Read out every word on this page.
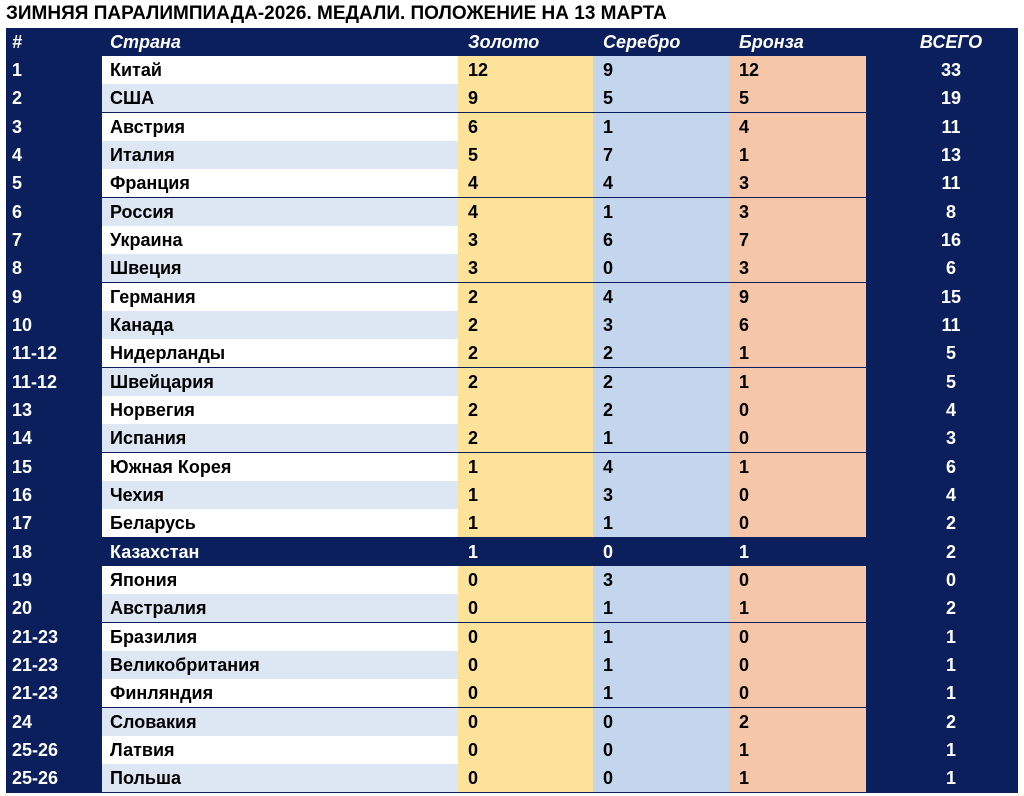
ЗИМНЯЯ ПАРАЛИМПИАДА-2026. МЕДАЛИ. ПОЛОЖЕНИЕ НА 13 МАРТА
#	Страна	Золото	Серебро	Бронза	ВСЕГО
1	Китай	12	9	12	33
2	США	9	5	5	19
3	Австрия	6	1	4	11
4	Италия	5	7	1	13
5	Франция	4	4	3	11
6	Россия	4	1	3	8
7	Украина	3	6	7	16
8	Швеция	3	0	3	6
9	Германия	2	4	9	15
10	Канада	2	3	6	11
11-12	Нидерланды	2	2	1	5
11-12	Швейцария	2	2	1	5
13	Норвегия	2	2	0	4
14	Испания	2	1	0	3
15	Южная Корея	1	4	1	6
16	Чехия	1	3	0	4
17	Беларусь	1	1	0	2
18	Казахстан	1	0	1	2
19	Япония	0	3	0	0
20	Австралия	0	1	1	2
21-23	Бразилия	0	1	0	1
21-23	Великобритания	0	1	0	1
21-23	Финляндия	0	1	0	1
24	Словакия	0	0	2	2
25-26	Латвия	0	0	1	1
25-26	Польша	0	0	1	1
